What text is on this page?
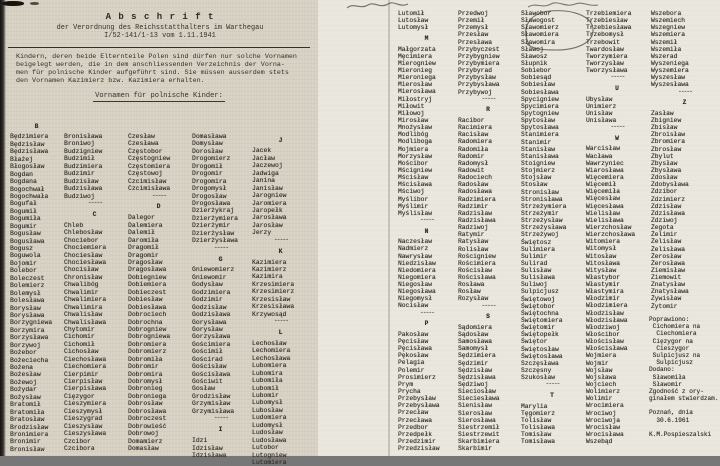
A b s c h r i f t
der Verordnung des Reichsstatthalters im Warthegau
I/52-141/1-13 vom 1.11.1941
Kindern, deren beide Elternteile Polen sind dürfen nur solche Vornamen
beigelegt werden, die in dem anschliessenden Verzeichnis der Vorna-
men für polnische Kinder aufgeführt sind. Sie müssen ausserdem stets
den Vornamen Kazimierz bzw. Kazimiera erhalten.
Vornamen für polnische Kinder:
B
Będzimiera
Będzisław
Będzisława
Błażej
Błogosław
Bogdan
Bogdana
Bogochwał
Bogochwała
Bogufał
Bogumił
Bogumiła
Bogumir
Bogusław
Bogusława
Bogusz
Boguwola
Bojomir
Bolebor
Boleczest
Bolemierz
Bolemysł
Bolesława
Borysław
Borysława
Borzygniewa
Borzymira
Borzysława
Borzywoj
Bożebor
Bożeciecha
Bożena
Bożesław
Bożewoj
Bożydar
Bożysław
Bratomił
Bratomiła
Bratosław
Brodzisław
Bronimiera
Bronimir
Bronisław
Bronisława
Broniwoj
Budzigniew
Budzimił
Budzimiera
Budzimir
Budzisław
Budzisława
Budziwoj
-----
C
Chleb
Chlebosław
Chociebor
Chociemiera
Chociesław
Chociesława
Chocisław
Chronisław
Chwalibóg
Chwalimir
Chwalimiera
Chwalimira
Chwalisław
Chwalisława
Chytomir
Cichomir
Cichomił
Cichosław
Ciechosława
Ciechomiera
Cierpimir
Cierpisław
Cierpisława
Cięzygor
Cieszymiera
Cieszymysł
Cieszygrad
Cieszysław
Cieszysława
Czcibor
Czcibora
Czesław
Czesława
Częstobor
Częstogniew
Częstomiera
Częstowoj
Czcimisław
Czcimisława
-----
D
Dalegor
Dalemiera
Dalemił
Daromiła
Dragomił
Dragomir
Dragosław
Dragosława
Dobiegniew
Dobiemiera
Dobieczest
Dobiesław
Dobiesława
Dobrociech
Dobrochna
Dobrogniew
Dobrogniewa
Dobromiera
Dobromierz
Dobromiła
Dobromir
Dobromira
Dobromysł
Dobronieg
Dobroniega
Dobrosław
Dobrosława
Dobroczest
Dobrowieść
Dobrowoj
Domamierz
Domasław
Domasława
Domysław
Dorosław
Drogomierz
Drogomił
Drogomir
Drogomira
Drogomysł
Drogosław
Drogosława
Dzierżykraj
Dzierżymiera
Dzierżymir
Dzierżysław
Dzierżysława
-----
G
Gniewomierz
Gniewomir
Godysław
Godzimiera
Godzimir
Godzisław
Godzisława
Gorysława
Gorysław
Gorzysława
Gościmiera
Gościmił
Gościrad
Gościsław
Gościsława
Gościwit
Gosław
Grodzisław
Grzymisław
Grzymisława
-----
I
Idzi
Idzisław
Idzisława
J
Jacek
Jacław
Jaczewoj
Jadwiga
Janina
Janisław
Jarogniew
Jaromiera
Jaropełk
Jarosława
Jarosław
Jerzy
-----
K
Kazimiera
Kazimierz
Kazimira
Krzesimiera
Krzesimierz
Krzesisław
Krzesisława
Krzywosąd
-----
L
Lechosław
Lechomiera
Lechosława
Lubomiera
Lubomira
Lubomiła
Lubomił
Lubomir
Lubomysł
Lubosław
Ludomiera
Ludomysł
Ludosław
Ludosława
Lutobor
Lutogniew
Lutomiera
Lutomił
Lutosław
Lutomysł
M
Małgorzata
Męcimiera
Mierogniew
Mieronieg
Mieroniega
Mierosław
Mierosława
Miłostryj
Miłowit
Miłowoj
Mirosław
Mnożysław
Modlibóg
Modliboga
Mojmiera
Morzysław
Mościbor
Mścigniew
Mścisław
Mścisława
Mściwoj
Myślibor
Myślimir
Myślisław
-----
N
Naczesław
Nadmierz
Nawrysław
Niedzisław
Niedomiera
Niegomiera
Niegosław
Niegosława
Niegomysł
Nocisław
-----
P
Pakosław
Pęcisław
Pęcisława
Pękosław
Pelagia
Polemir
Prosimierz
Prym
Prycha
Przebysław
Przebysława
Przecław
Przecława
Przedbor
Przedpełk
Przedzimir
Przedzisław
Przedwoj
Przemił
Przemysł
Przesław
Przesława
Przybyczest
Przybygniew
Przybymiera
Przybyrad
Przybysław
Przybysława
Przybywoj
-----
R
Racibor
Racimiera
Racisław
Radomiera
Radomiła
Radomir
Radomysł
Radowit
Radociech
Radosław
Radosława
Radzimiera
Radzimir
Radzisław
Radzisława
Radziwoj
Ratymir
Ratysław
Rolisław
Rościgniew
Rościmiera
Rościsław
Rościsława
Rosława
Rosław
Rozysław
-----
S
Sądomiera
Sądosław
Samosława
Samomysł
Sędzimiera
Sędzimir
Sędzisław
Sędzisława
Sędziwoj
Sieciosław
Sieciesława
Sienisław
Sierosław
Sierosława
Siestrzemił
Siestrzewit
Skarbimiera
Skarbimir
Sławobor
Sławogost
Sławomierz
Sławomiera
Sławomira
Sławoj
Sławosz
Słupnik
Sobiebor
Sobiesąd
Sobiesław
Sobiesława
Spycigniew
Spycimiera
Spytogniew
Spytosław
Spytosława
Stanimiera
Stanimir
Stanisław
Stanisława
Stoigniew
Stojmierz
Stojsław
Stosław
Stronisław
Stronisława
Strzeżymiera
Strzeżymir
Strzeżysław
Strzeżysława
Strzeżywoj
Świętosz
Sulimiera
Sulimir
Sulirad
Sulisław
Sulisława
Suliwoj
Sulpicjusz
Świętowoj
Świętobor
Świętochna
Świętomiera
Świętomir
Świętopełk
Świętor
Świętosław
Świętosława
Szczęsława
Szczęsny
Szukosław
-----
T
Marylia
Tęgomierz
Tolisław
Tolisława
Tomisław
Tomisława
Trzebiemiera
Trzebiesław
Trzebiesława
Trzebomysł
Trzebowit
Twardosław
Tworzymiera
Tworzysław
Tworzysława
-----
U
Ubysław
Unimierz
Unisław
Unisława
-----
W
Warcisław
Wacława
Wawrzyniec
Wiarosława
Więcemiera
Więcemił
Więcemiła
Więcesław
Więcesława
Wielisław
Wielisława
Wierzchosław
Wierzchosława
Witomiera
Witomysł
Witosław
Witosława
Witysław
Włastybor
Włastymir
Włastymira
Włodzimir
Włodzimiera
Włodzisław
Włodzisława
Włodziwoj
Włościbor
Włościsław
Włościsława
Wojmiera
Wojmir
Wojsław
Wojsława
Wojciech
Wolimierz
Wolimir
Wrocimiera
Wrociwoj
Wrociwoja
Wrocisław
Wrocisława
Wszebąd
Wszebora
Wszemiech
Wszegniew
Wszemiera
Wszemił
Wszemiła
Wszerad
Wyszeniega
Wyszemiera
Wyszesław
Wyszesława
-----
Z
Zasław
Zbigniew
Zbisław
Zbroisław
Zbromiera
Zbrosław
Zbylut
Zbysław
Zbysława
Zdosław
Zdobysława
Zdzibor
Zdzimierz
Zdzisław
Zdzisława
Zdziwoj
Żegota
Żelimir
Żelisław
Żelisława
Żerosław
Żerosława
Ziemisław
Ziemowit
Znatysław
Znatysława
Żywisław
Żytomir
Poprawiono:
Cichomiera na
Ciechomiera
Cięzygor na
Cieszygor
Sulpicjusz na
Sulpicjusz
Dodano:
Sławomiła
Sławomir
Zgodność z ory-
ginałem stwierdzam.

Poznań, dnia
30.6.1961

K.M.Pospieszalski
